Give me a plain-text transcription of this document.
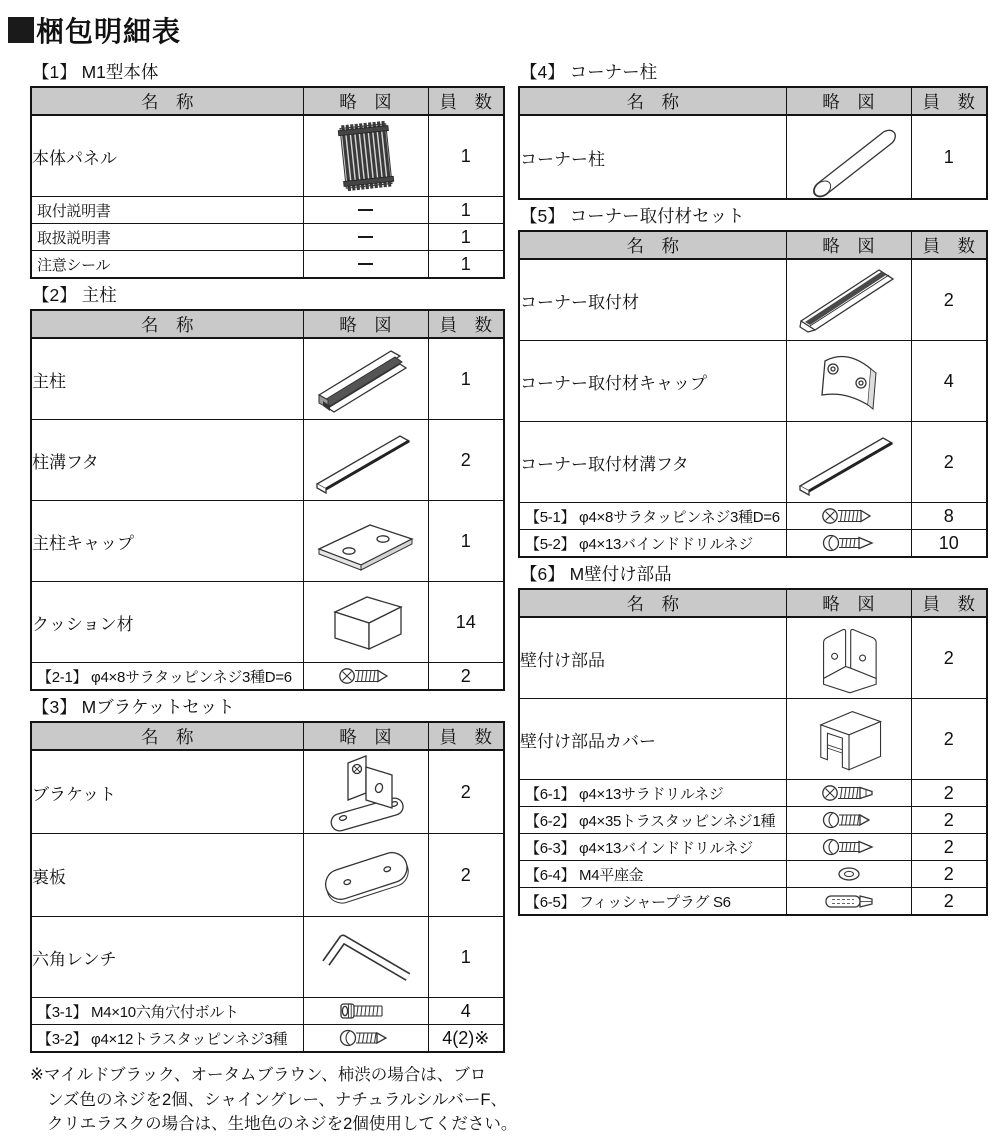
梱包明細表
【1】 M1型本体
名　称	略　図	員　数
本体パネル		1
取付説明書		1
取扱説明書		1
注意シール		1
【2】 主柱
名　称	略　図	員　数
主柱		1
柱溝フタ		2
主柱キャップ		1
クッション材		14
【2-1】 φ4×8サラタッピンネジ3種D=6		2
【3】 Mブラケットセット
名　称	略　図	員　数
ブラケット		2
裏板		2
六角レンチ		1
【3-1】 M4×10六角穴付ボルト		4
【3-2】 φ4×12トラスタッピンネジ3種		4(2)※
【4】 コーナー柱
名　称	略　図	員　数
コーナー柱		1
【5】 コーナー取付材セット
名　称	略　図	員　数
コーナー取付材		2
コーナー取付材キャップ		4
コーナー取付材溝フタ		2
【5-1】 φ4×8サラタッピンネジ3種D=6		8
【5-2】 φ4×13バインドドリルネジ		10
【6】 M壁付け部品
名　称	略　図	員　数
壁付け部品		2
壁付け部品カバー		2
【6-1】 φ4×13サラドリルネジ		2
【6-2】 φ4×35トラスタッピンネジ1種		2
【6-3】 φ4×13バインドドリルネジ		2
【6-4】 M4平座金		2
【6-5】 フィッシャープラグ S6		2
※マイルドブラック、オータムブラウン、柿渋の場合は、ブロ
ンズ色のネジを2個、シャイングレー、ナチュラルシルバーF、
クリエラスクの場合は、生地色のネジを2個使用してください。
